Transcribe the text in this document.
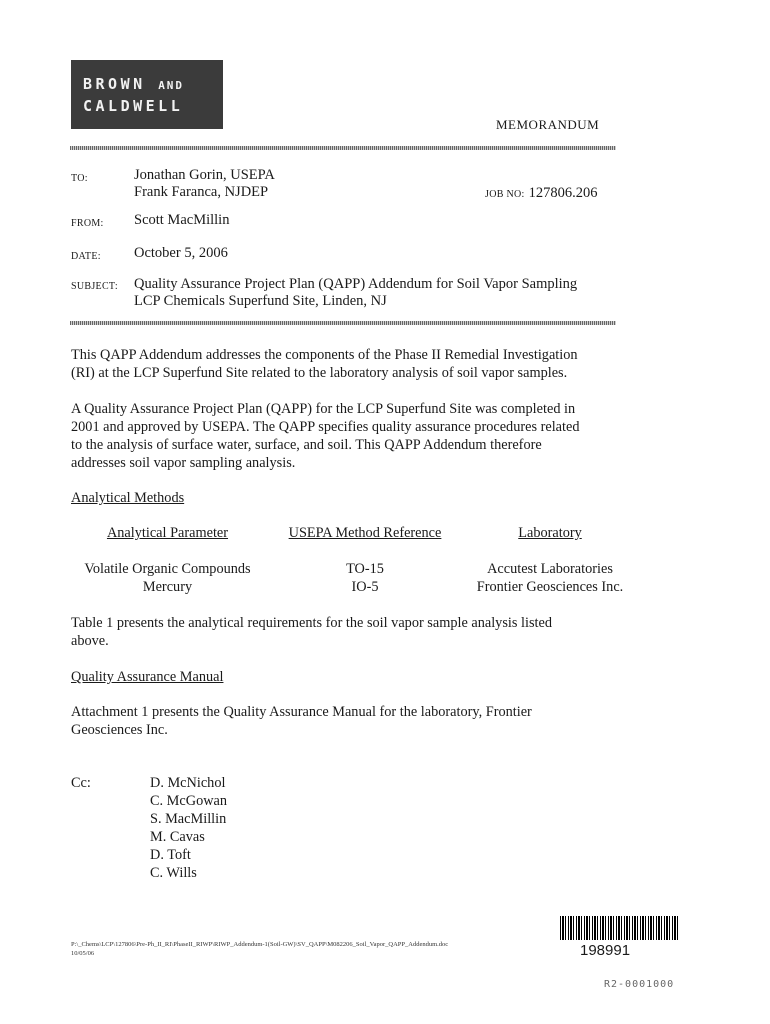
BROWN AND
CALDWELL
MEMORANDUM
TO:	Jonathan Gorin, USEPA
Frank Faranca, NJDEP	JOB NO: 127806.206
FROM: Scott MacMillin
DATE: October 5, 2006
SUBJECT: Quality Assurance Project Plan (QAPP) Addendum for Soil Vapor Sampling
LCP Chemicals Superfund Site, Linden, NJ
This QAPP Addendum addresses the components of the Phase II Remedial Investigation
(RI) at the LCP Superfund Site related to the laboratory analysis of soil vapor samples.
A Quality Assurance Project Plan (QAPP) for the LCP Superfund Site was completed in
2001 and approved by USEPA. The QAPP specifies quality assurance procedures related
to the analysis of surface water, surface, and soil. This QAPP Addendum therefore
addresses soil vapor sampling analysis.
Analytical Methods
Analytical Parameter	USEPA Method Reference	Laboratory
Volatile Organic Compounds	TO-15	Accutest Laboratories
Mercury	IO-5	Frontier Geosciences Inc.
Table 1 presents the analytical requirements for the soil vapor sample analysis listed
above.
Quality Assurance Manual
Attachment 1 presents the Quality Assurance Manual for the laboratory, Frontier
Geosciences Inc.
Cc:	D. McNichol
C. McGowan
S. MacMillin
M. Cavas
D. Toft
C. Wills
P:\_Chems\LCP\127806\Pre-Ph_II_RI\PhaseII_RIWP\RIWP_Addendum-1(Soil-GW)\SV_QAPP\M082206_Soil_Vapor_QAPP_Addendum.doc
10/05/06	198991
R2-0001000
